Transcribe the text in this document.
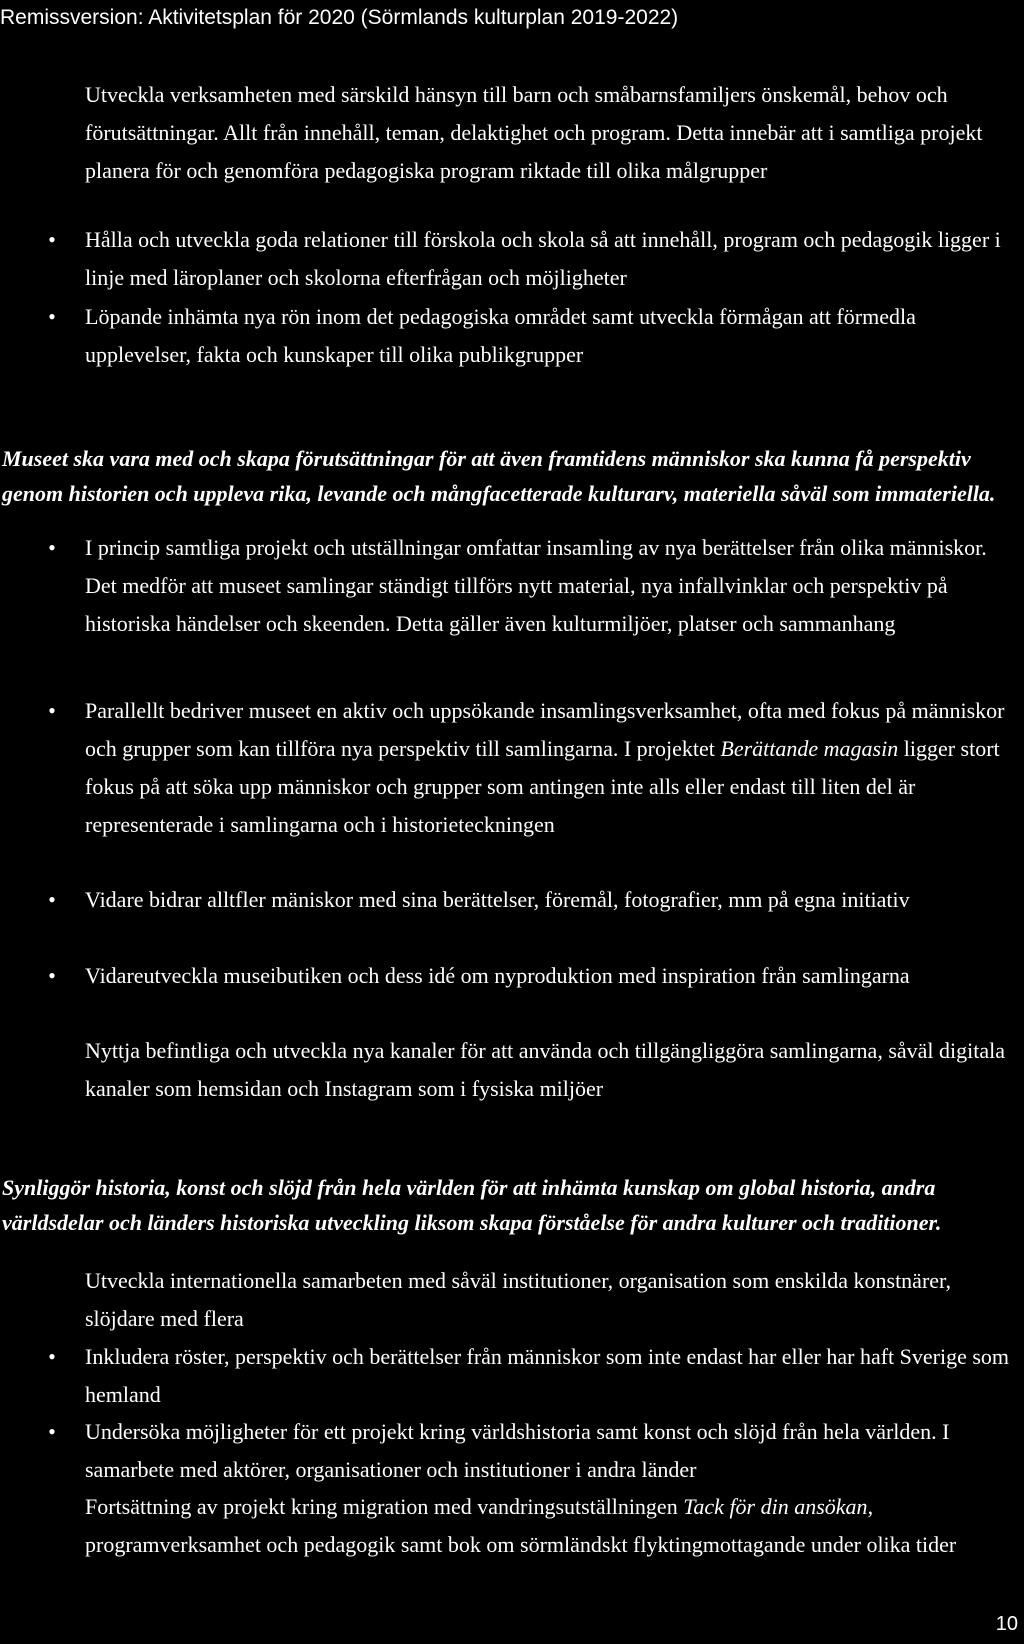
Remissversion: Aktivitetsplan för 2020 (Sörmlands kulturplan 2019-2022)

Utveckla verksamheten med särskild hänsyn till barn och småbarnsfamiljers önskemål, behov och förutsättningar. Allt från innehåll, teman, delaktighet och program. Detta innebär att i samtliga projekt planera för och genomföra pedagogiska program riktade till olika målgrupper

• Hålla och utveckla goda relationer till förskola och skola så att innehåll, program och pedagogik ligger i linje med läroplaner och skolorna efterfrågan och möjligheter
• Löpande inhämta nya rön inom det pedagogiska området samt utveckla förmågan att förmedla upplevelser, fakta och kunskaper till olika publikgrupper

Museet ska vara med och skapa förutsättningar för att även framtidens människor ska kunna få perspektiv genom historien och uppleva rika, levande och mångfacetterade kulturarv, materiella såväl som immateriella.

• I princip samtliga projekt och utställningar omfattar insamling av nya berättelser från olika människor. Det medför att museet samlingar ständigt tillförs nytt material, nya infallvinklar och perspektiv på historiska händelser och skeenden. Detta gäller även kulturmiljöer, platser och sammanhang
• Parallellt bedriver museet en aktiv och uppsökande insamlingsverksamhet, ofta med fokus på människor och grupper som kan tillföra nya perspektiv till samlingarna. I projektet Berättande magasin ligger stort fokus på att söka upp människor och grupper som antingen inte alls eller endast till liten del är representerade i samlingarna och i historieteckningen
• Vidare bidrar alltfler mäniskor med sina berättelser, föremål, fotografier, mm på egna initiativ
• Vidareutveckla museibutiken och dess idé om nyproduktion med inspiration från samlingarna

Nyttja befintliga och utveckla nya kanaler för att använda och tillgängliggöra samlingarna, såväl digitala kanaler som hemsidan och Instagram som i fysiska miljöer

Synliggör historia, konst och slöjd från hela världen för att inhämta kunskap om global historia, andra världsdelar och länders historiska utveckling liksom skapa förståelse för andra kulturer och traditioner.

Utveckla internationella samarbeten med såväl institutioner, organisation som enskilda konstnärer, slöjdare med flera

• Inkludera röster, perspektiv och berättelser från människor som inte endast har eller har haft Sverige som hemland
• Undersöka möjligheter för ett projekt kring världshistoria samt konst och slöjd från hela världen. I samarbete med aktörer, organisationer och institutioner i andra länder

Fortsättning av projekt kring migration med vandringsutställningen Tack för din ansökan, programverksamhet och pedagogik samt bok om sörmländskt flyktingmottagande under olika tider

10
